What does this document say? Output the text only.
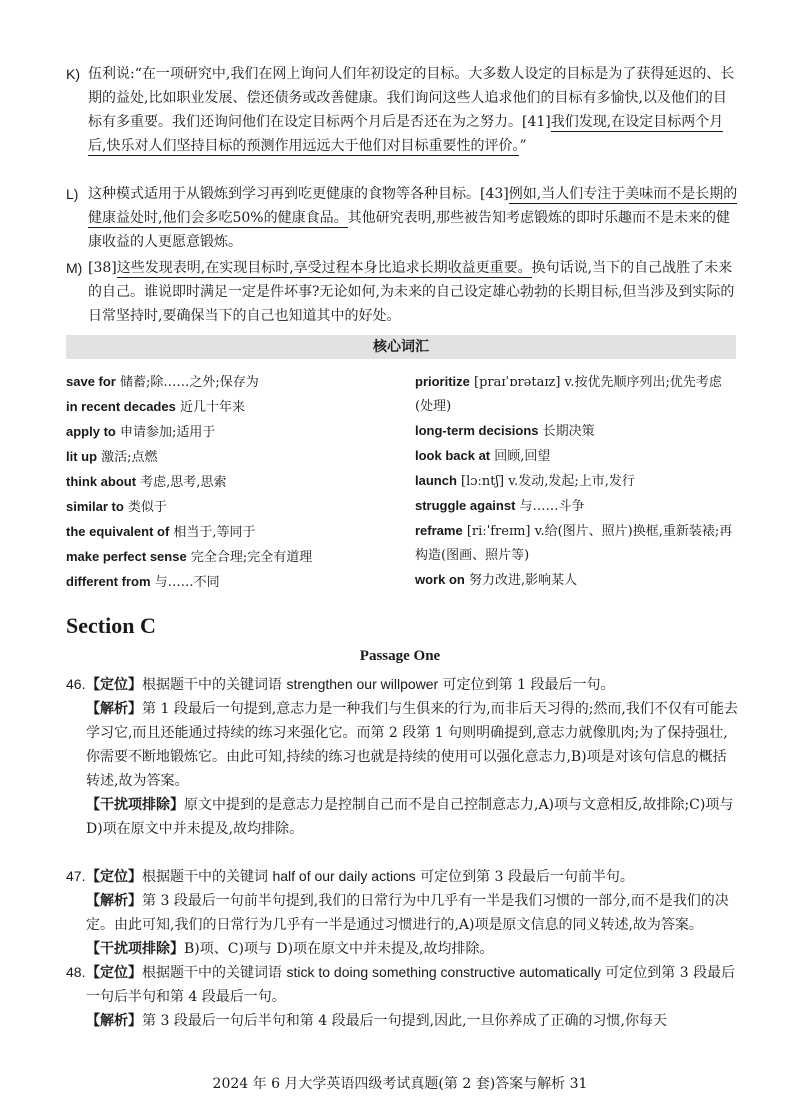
K) 伍利说:“在一项研究中,我们在网上询问人们年初设定的目标。大多数人设定的目标是为了获得延迟的、长期的益处,比如职业发展、偿还债务或改善健康。我们询问这些人追求他们的目标有多愉快,以及他们的目标有多重要。我们还询问他们在设定目标两个月后是否还在为之努力。[41]我们发现,在设定目标两个月后,快乐对人们坚持目标的预测作用远远大于他们对目标重要性的评价。”
L) 这种模式适用于从锻炼到学习再到吃更健康的食物等各种目标。[43]例如,当人们专注于美味而不是长期的健康益处时,他们会多吃50%的健康食品。其他研究表明,那些被告知考虑锻炼的即时乐趣而不是未来的健康收益的人更愿意锻炼。
M) [38]这些发现表明,在实现目标时,享受过程本身比追求长期收益更重要。换句话说,当下的自己战胜了未来的自己。谁说即时满足一定是件坏事?无论如何,为未来的自己设定雄心勃勃的长期目标,但当涉及到实际的日常坚持时,要确保当下的自己也知道其中的好处。
核心词汇
save for 储蓄;除……之外;保存为
in recent decades 近几十年来
apply to 申请参加;适用于
lit up 激活;点燃
think about 考虑,思考,思索
similar to 类似于
the equivalent of 相当于,等同于
make perfect sense 完全合理;完全有道理
different from 与……不同
prioritize [praɪˈɒrətaɪz] v.按优先顺序列出;优先考虑(处理)
long-term decisions 长期决策
look back at 回顾,回望
launch [lɔːntʃ] v.发动,发起;上市,发行
struggle against 与……斗争
reframe [riːˈfreɪm] v.给(图片、照片)换框,重新装裱;再构造(图画、照片等)
work on 努力改进,影响某人
Section C
Passage One
46. 【定位】根据题干中的关键词语 strengthen our willpower 可定位到第 1 段最后一句。
【解析】第 1 段最后一句提到,意志力是一种我们与生俱来的行为,而非后天习得的;然而,我们不仅有可能去学习它,而且还能通过持续的练习来强化它。而第 2 段第 1 句则明确提到,意志力就像肌肉;为了保持强壮,你需要不断地锻炼它。由此可知,持续的练习也就是持续的使用可以强化意志力,B)项是对该句信息的概括转述,故为答案。
【干扰项排除】原文中提到的是意志力是控制自己而不是自己控制意志力,A)项与文意相反,故排除;C)项与 D)项在原文中并未提及,故均排除。
47. 【定位】根据题干中的关键词 half of our daily actions 可定位到第 3 段最后一句前半句。
【解析】第 3 段最后一句前半句提到,我们的日常行为中几乎有一半是我们习惯的一部分,而不是我们的决定。由此可知,我们的日常行为几乎有一半是通过习惯进行的,A)项是原文信息的同义转述,故为答案。
【干扰项排除】B)项、C)项与 D)项在原文中并未提及,故均排除。
48. 【定位】根据题干中的关键词语 stick to doing something constructive automatically 可定位到第 3 段最后一句后半句和第 4 段最后一句。
【解析】第 3 段最后一句后半句和第 4 段最后一句提到,因此,一旦你养成了正确的习惯,你每天
2024 年 6 月大学英语四级考试真题(第 2 套)答案与解析 31
